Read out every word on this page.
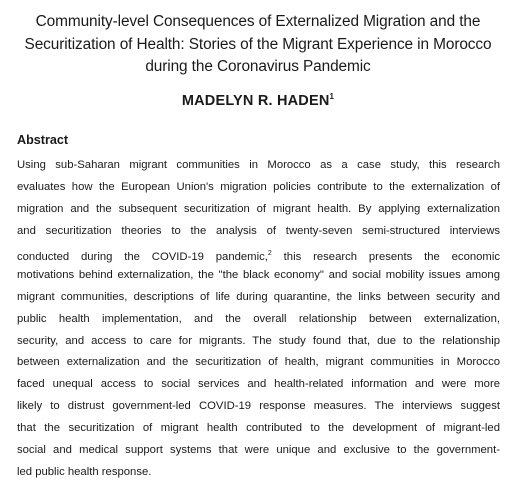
Community-level Consequences of Externalized Migration and the
Securitization of Health: Stories of the Migrant Experience in Morocco
during the Coronavirus Pandemic

MADELYN R. HADEN$^1$

Abstract
Using sub-Saharan migrant communities in Morocco as a case study, this research
evaluates how the European Union's migration policies contribute to the externalization of
migration and the subsequent securitization of migrant health. By applying externalization
and securitization theories to the analysis of twenty-seven semi-structured interviews
conducted during the COVID-19 pandemic,$^2$ this research presents the economic
motivations behind externalization, the "the black economy" and social mobility issues among
migrant communities, descriptions of life during quarantine, the links between security and
public health implementation, and the overall relationship between externalization,
security, and access to care for migrants. The study found that, due to the relationship
between externalization and the securitization of health, migrant communities in Morocco
faced unequal access to social services and health-related information and were more
likely to distrust government-led COVID-19 response measures. The interviews suggest
that the securitization of migrant health contributed to the development of migrant-led
social and medical support systems that were unique and exclusive to the government-
led public health response.
